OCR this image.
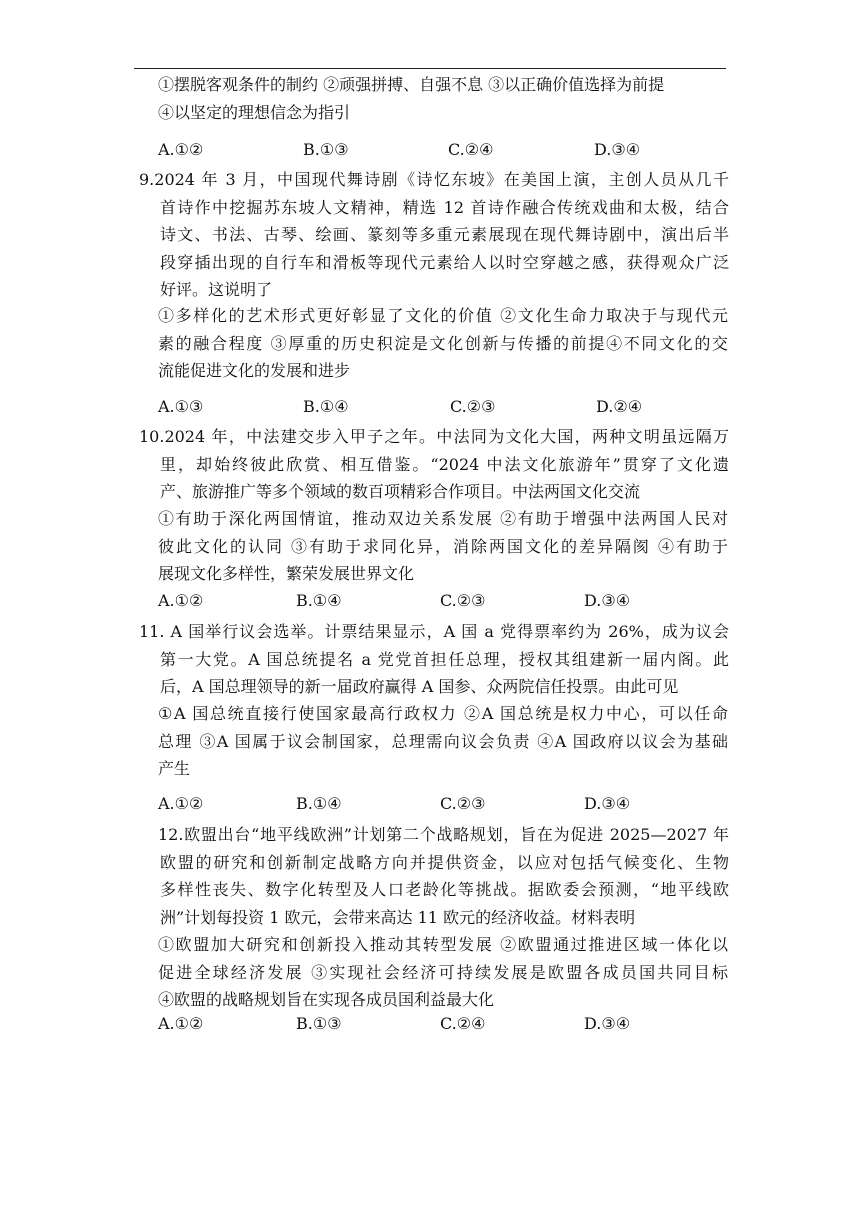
①摆脱客观条件的制约 ②顽强拼搏、自强不息 ③以正确价值选择为前提
④以坚定的理想信念为指引
A.①②	B.①③	C.②④	D.③④
9.2024 年 3 月，中国现代舞诗剧《诗忆东坡》在美国上演，主创人员从几千
首诗作中挖掘苏东坡人文精神，精选 12 首诗作融合传统戏曲和太极，结合
诗文、书法、古琴、绘画、篆刻等多重元素展现在现代舞诗剧中，演出后半
段穿插出现的自行车和滑板等现代元素给人以时空穿越之感，获得观众广泛
好评。这说明了
①多样化的艺术形式更好彰显了文化的价值 ②文化生命力取决于与现代元
素的融合程度 ③厚重的历史积淀是文化创新与传播的前提④不同文化的交
流能促进文化的发展和进步
A.①③	B.①④	C.②③	D.②④
10.2024 年，中法建交步入甲子之年。中法同为文化大国，两种文明虽远隔万
里，却始终彼此欣赏、相互借鉴。“2024 中法文化旅游年”贯穿了文化遗
产、旅游推广等多个领域的数百项精彩合作项目。中法两国文化交流
①有助于深化两国情谊，推动双边关系发展 ②有助于增强中法两国人民对
彼此文化的认同 ③有助于求同化异，消除两国文化的差异隔阂 ④有助于
展现文化多样性，繁荣发展世界文化
A.①②	B.①④	C.②③	D.③④
11. A 国举行议会选举。计票结果显示，A 国 a 党得票率约为 26%，成为议会
第一大党。A 国总统提名 a 党党首担任总理，授权其组建新一届内阁。此
后，A 国总理领导的新一届政府赢得 A 国参、众两院信任投票。由此可见
①A 国总统直接行使国家最高行政权力 ②A 国总统是权力中心，可以任命
总理 ③A 国属于议会制国家，总理需向议会负责 ④A 国政府以议会为基础
产生
A.①②	B.①④	C.②③	D.③④
12.欧盟出台“地平线欧洲”计划第二个战略规划，旨在为促进 2025—2027 年
欧盟的研究和创新制定战略方向并提供资金，以应对包括气候变化、生物
多样性丧失、数字化转型及人口老龄化等挑战。据欧委会预测，“地平线欧
洲”计划每投资 1 欧元，会带来高达 11 欧元的经济收益。材料表明
①欧盟加大研究和创新投入推动其转型发展 ②欧盟通过推进区域一体化以
促进全球经济发展 ③实现社会经济可持续发展是欧盟各成员国共同目标
④欧盟的战略规划旨在实现各成员国利益最大化
A.①②	B.①③	C.②④	D.③④
